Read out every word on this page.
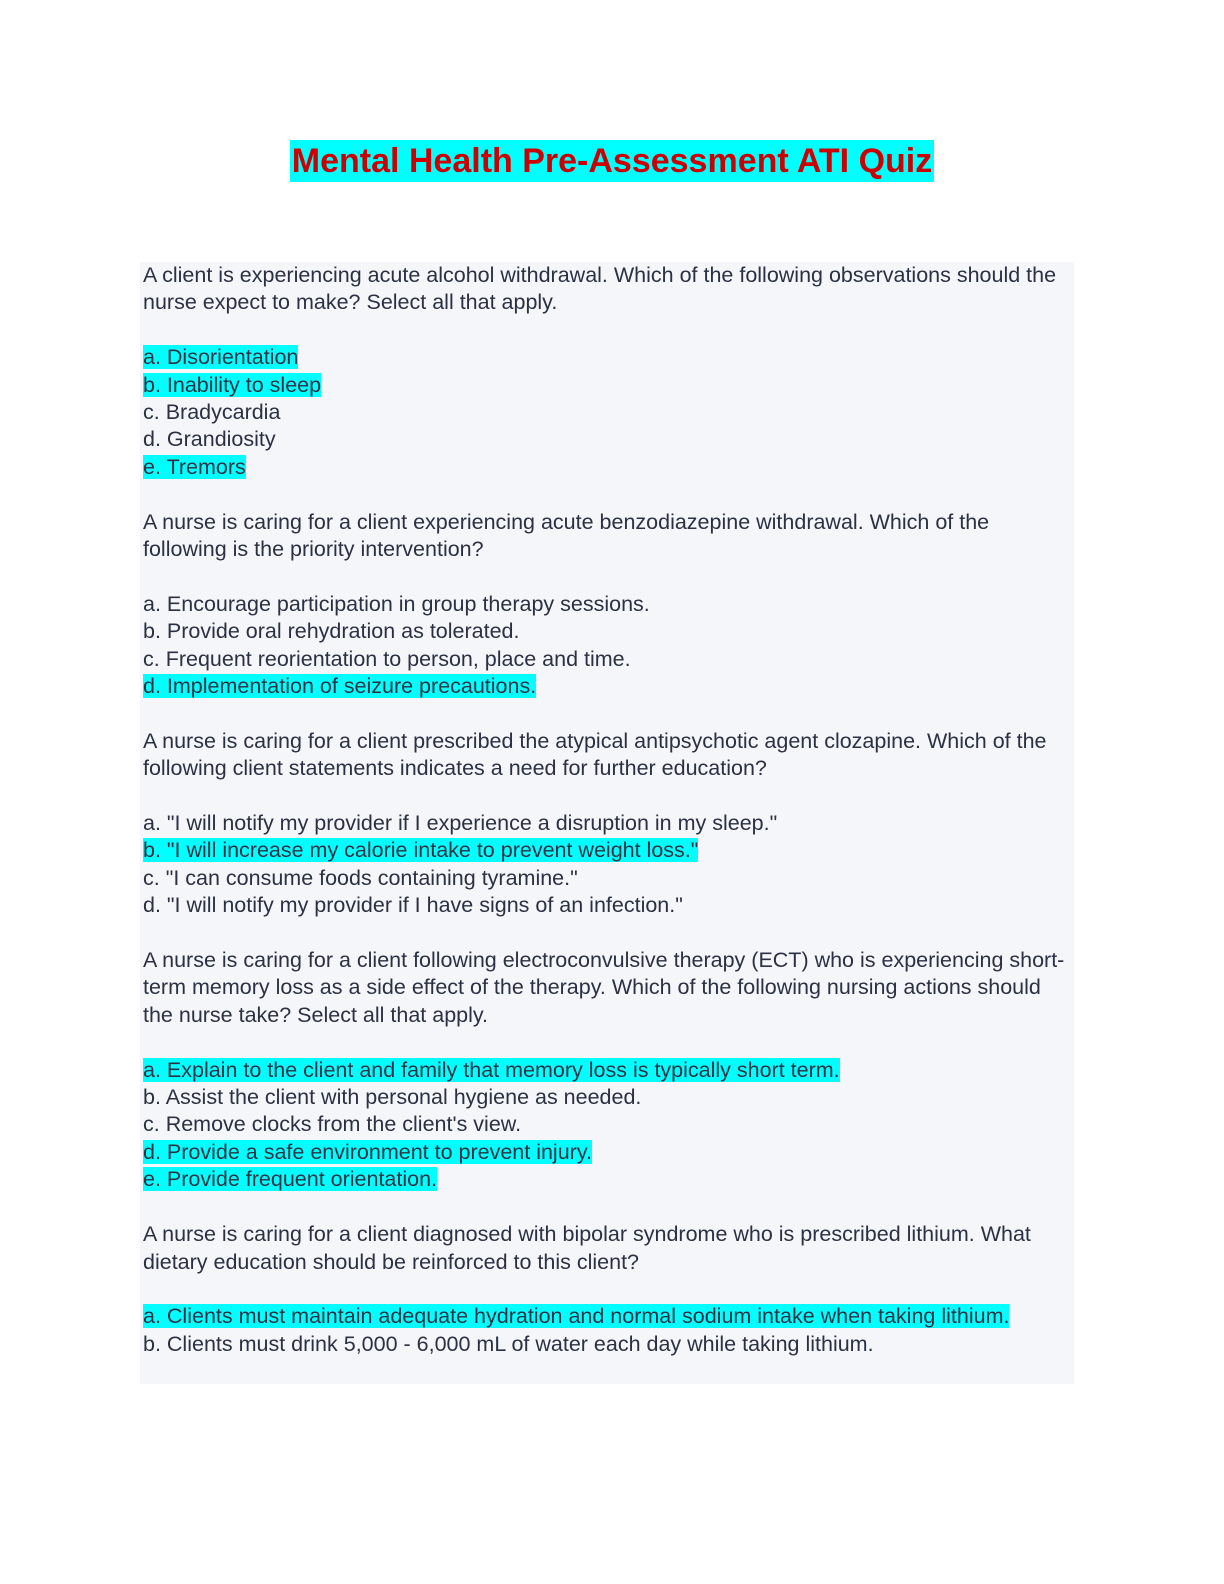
Mental Health Pre-Assessment ATI Quiz

A client is experiencing acute alcohol withdrawal. Which of the following observations should the nurse expect to make? Select all that apply.

a. Disorientation
b. Inability to sleep
c. Bradycardia
d. Grandiosity
e. Tremors

A nurse is caring for a client experiencing acute benzodiazepine withdrawal. Which of the following is the priority intervention?

a. Encourage participation in group therapy sessions.
b. Provide oral rehydration as tolerated.
c. Frequent reorientation to person, place and time.
d. Implementation of seizure precautions.

A nurse is caring for a client prescribed the atypical antipsychotic agent clozapine. Which of the following client statements indicates a need for further education?

a. "I will notify my provider if I experience a disruption in my sleep."
b. "I will increase my calorie intake to prevent weight loss."
c. "I can consume foods containing tyramine."
d. "I will notify my provider if I have signs of an infection."

A nurse is caring for a client following electroconvulsive therapy (ECT) who is experiencing short-term memory loss as a side effect of the therapy. Which of the following nursing actions should the nurse take? Select all that apply.

a. Explain to the client and family that memory loss is typically short term.
b. Assist the client with personal hygiene as needed.
c. Remove clocks from the client's view.
d. Provide a safe environment to prevent injury.
e. Provide frequent orientation.

A nurse is caring for a client diagnosed with bipolar syndrome who is prescribed lithium. What dietary education should be reinforced to this client?

a. Clients must maintain adequate hydration and normal sodium intake when taking lithium.
b. Clients must drink 5,000 - 6,000 mL of water each day while taking lithium.
